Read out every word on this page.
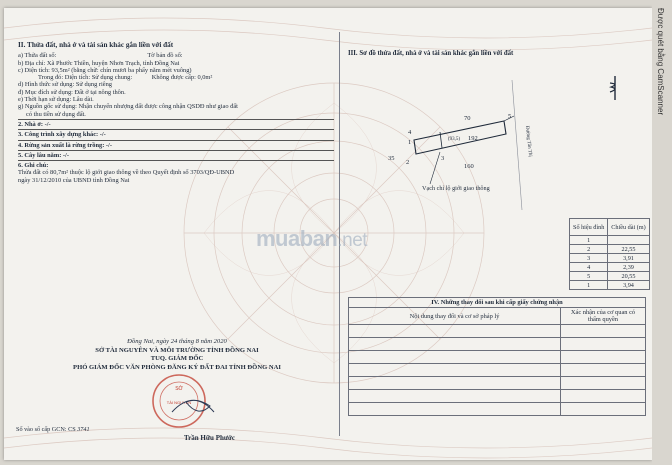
II. Thửa đất, nhà ở và tài sản khác gắn liền với đất
a) Thửa đất số:	Tờ bản đồ số:
b) Địa chỉ: Xã Phước Thiền, huyện Nhơn Trạch, tỉnh Đồng Nai
c) Diện tích: 93,5m² (bằng chữ: chín mươi ba phẩy năm mét vuông)
Trong đó: Diện tích: Sử dụng chung:	Không được cấp: 0,0m²
d) Hình thức sử dụng: Sử dụng riêng
đ) Mục đích sử dụng: Đất ở tại nông thôn.
e) Thời hạn sử dụng: Lâu dài.
g) Nguồn gốc sử dụng: Nhận chuyển nhượng đất được công nhận QSDĐ như giao đất
có thu tiền sử dụng đất.
2. Nhà ở: -/-
3. Công trình xây dựng khác: -/-
4. Rừng sản xuất là rừng trồng: -/-
5. Cây lâu năm: -/-
6. Ghi chú:
Thửa đất có 80,7m² thuộc lộ giới giao thông về theo Quyết định số 3703/QĐ-UBND
ngày 31/12/2010 của UBND tỉnh Đồng Nai
Đồng Nai, ngày 24 tháng 8 năm 2020
SỞ TÀI NGUYÊN VÀ MÔI TRƯỜNG TỈNH ĐỒNG NAI
TUQ. GIÁM ĐỐC
PHÓ GIÁM ĐỐC VĂN PHÒNG ĐĂNG KÝ ĐẤT ĐAI TỈNH ĐỒNG NAI
SỞ
TÀI NGUYÊN
Trần Hữu Phước
Số vào sổ cấp GCN: CS 3741
III. Sơ đồ thửa đất, nhà ở và tài sản khác gắn liền với đất
70
35
160
192
(93,5)	Đường Tân Thị
Vạch chỉ lộ giới giao thông
1
2
3
4
5
Số hiệu đỉnh	Chiều dài (m)
1	
2	22,55
3	3,91
4	2,39
5	20,55
1	3,94
IV. Những thay đổi sau khi cấp giấy chứng nhận	
Nội dung thay đổi và cơ sở pháp lý	Xác nhận của cơ quan có thẩm quyền

muaban.net
Được quét bằng CamScanner
